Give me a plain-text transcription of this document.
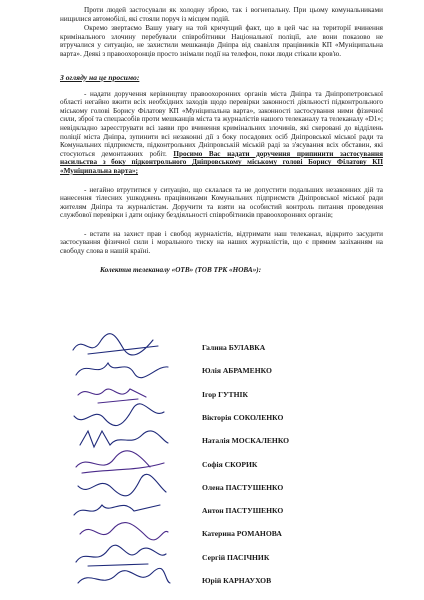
Проти людей застосували як холодну зброю, так і вогнепальну. При цьому комунальниками нищилися автомобілі, які стояли поруч із місцем подій.

Окремо звертаємо Вашу увагу на той кричущий факт, що в цей час на території вчинення кримінального злочину перебували співробітники Національної поліції, але вони показово не втручалися у ситуацію, не захистили мешканців Дніпра від свавілля працівників КП «Муніципальна варта». Деякі з правоохоронців просто знімали події на телефон, поки люди стікали кров'ю.

З огляду на це просимо:

- надати доручення керівництву правоохоронних органів міста Дніпра та Дніпропетровської області негайно вжити всіх необхідних заходів щодо перевірки законності діяльності підконтрольного міському голові Борису Філатову КП «Муніципальна варта», законності застосування ними фізичної сили, зброї та спецзасобів проти мешканців міста та журналістів нашого телеканалу та телеканалу «D1»; невідкладно зареєструвати всі заяви про вчинення кримінальних злочинів, які скеровані до відділень поліції міста Дніпра, зупинити всі незаконні дії з боку посадових осіб Дніпровської міської ради та Комунальних підприємств, підконтрольних Дніпровській міській раді за з'ясування всіх обставин, які стосуються демонтажних робіт. Просимо Вас надати доручення припинити застосування насильства з боку підконтрольного Дніпровському міському голові Борису Філатову КП «Муніципальна варта»;

- негайно втрутитися у ситуацію, що склалася та не допустити подальших незаконних дій та нанесення тілесних ушкоджень працівниками Комунальних підприємств Дніпровської міської ради жителям Дніпра та журналістам. Доручити та взяти на особистий контроль питання проведення службової перевірки і дати оцінку бездіяльності співробітників правоохоронних органів;

- встати на захист прав і свобод журналістів, відтримати наш телеканал, відкрито засудити застосування фізичної сили і морального тиску на наших журналістів, що є прямим зазіханням на свободу слова в нашій країні.

Колектив телеканалу «ОТВ» (ТОВ ТРК «НОВА»):

Галина БУЛАВКА
Юлія АБРАМЕНКО
Ігор ГУТНІК
Вікторія СОКОЛЕНКО
Наталія МОСКАЛЕНКО
Софія СКОРИК
Олена ПАСТУШЕНКО
Антон ПАСТУШЕНКО
Катерина РОМАНОВА
Сергій ПАСІЧНИК
Юрій КАРНАУХОВ
